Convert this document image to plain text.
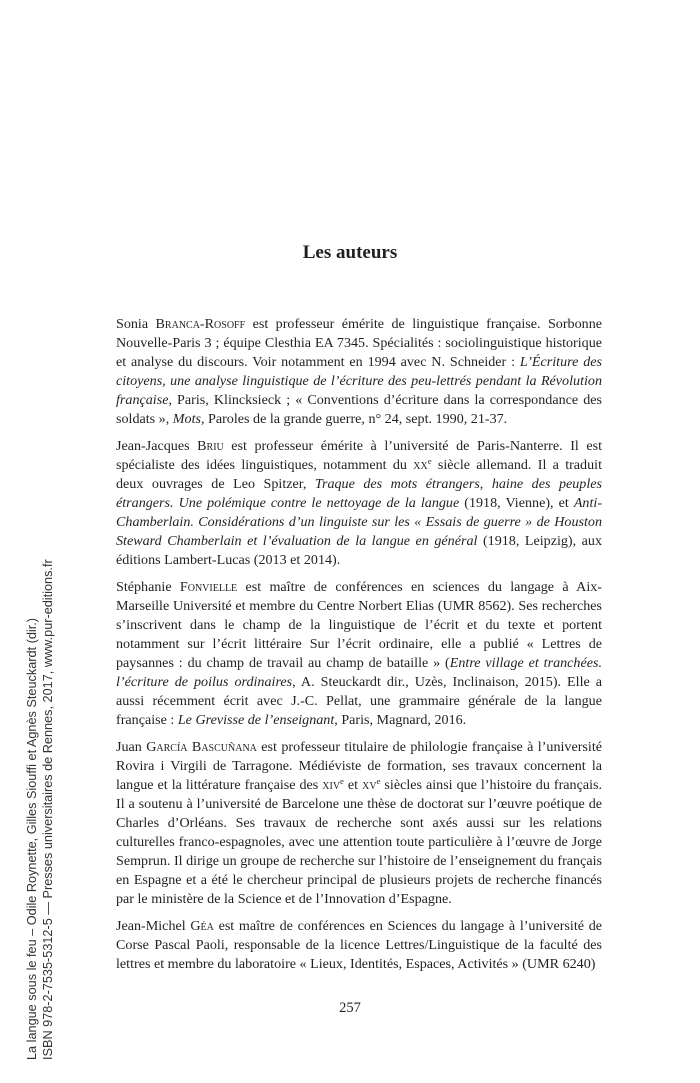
Les auteurs

Sonia Branca-Rosoff est professeur émérite de linguistique française. Sorbonne Nouvelle-Paris 3 ; équipe Clesthia EA 7345. Spécialités : sociolinguistique historique et analyse du discours. Voir notamment en 1994 avec N. Schneider : L’Écriture des citoyens, une analyse linguistique de l’écriture des peu-lettrés pendant la Révolution française, Paris, Klincksieck ; « Conventions d’écriture dans la correspondance des soldats », Mots, Paroles de la grande guerre, n° 24, sept. 1990, 21-37.

Jean-Jacques Briu est professeur émérite à l’université de Paris-Nanterre. Il est spécialiste des idées linguistiques, notamment du $xx^e$ siècle allemand. Il a traduit deux ouvrages de Leo Spitzer, Traque des mots étrangers, haine des peuples étrangers. Une polémique contre le nettoyage de la langue (1918, Vienne), et Anti-Chamberlain. Considérations d’un linguiste sur les « Essais de guerre » de Houston Steward Chamberlain et l’évaluation de la langue en général (1918, Leipzig), aux éditions Lambert-Lucas (2013 et 2014).

Stéphanie Fonvielle est maître de conférences en sciences du langage à Aix-Marseille Université et membre du Centre Norbert Elias (UMR 8562). Ses recherches s’inscrivent dans le champ de la linguistique de l’écrit et du texte et portent notamment sur l’écrit littéraire Sur l’écrit ordinaire, elle a publié « Lettres de paysannes : du champ de travail au champ de bataille » (Entre village et tranchées. l’écriture de poilus ordinaires, A. Steuckardt dir., Uzès, Inclinaison, 2015). Elle a aussi récemment écrit avec J.-C. Pellat, une grammaire générale de la langue française : Le Grevisse de l’enseignant, Paris, Magnard, 2016.

Juan García Bascuñana est professeur titulaire de philologie française à l’université Rovira i Virgili de Tarragone. Médiéviste de formation, ses travaux concernent la langue et la littérature française des xiv$^e$ et $xv^e$ siècles ainsi que l’histoire du français. Il a soutenu à l’université de Barcelone une thèse de doctorat sur l’œuvre poétique de Charles d’Orléans. Ses travaux de recherche sont axés aussi sur les relations culturelles franco-espagnoles, avec une attention toute particulière à l’œuvre de Jorge Semprun. Il dirige un groupe de recherche sur l’histoire de l’enseignement du français en Espagne et a été le chercheur principal de plusieurs projets de recherche financés par le ministère de la Science et de l’Innovation d’Espagne.

Jean-Michel Géa est maître de conférences en Sciences du langage à l’université de Corse Pascal Paoli, responsable de la licence Lettres/Linguistique de la faculté des lettres et membre du laboratoire « Lieux, Identités, Espaces, Activités » (UMR 6240)

257
La langue sous le feu – Odile Roynette, Gilles Siouffi et Agnès Steuckardt (dir.) ISBN 978-2-7535-5312-5 — Presses universitaires de Rennes, 2017, www.pur-editions.fr
